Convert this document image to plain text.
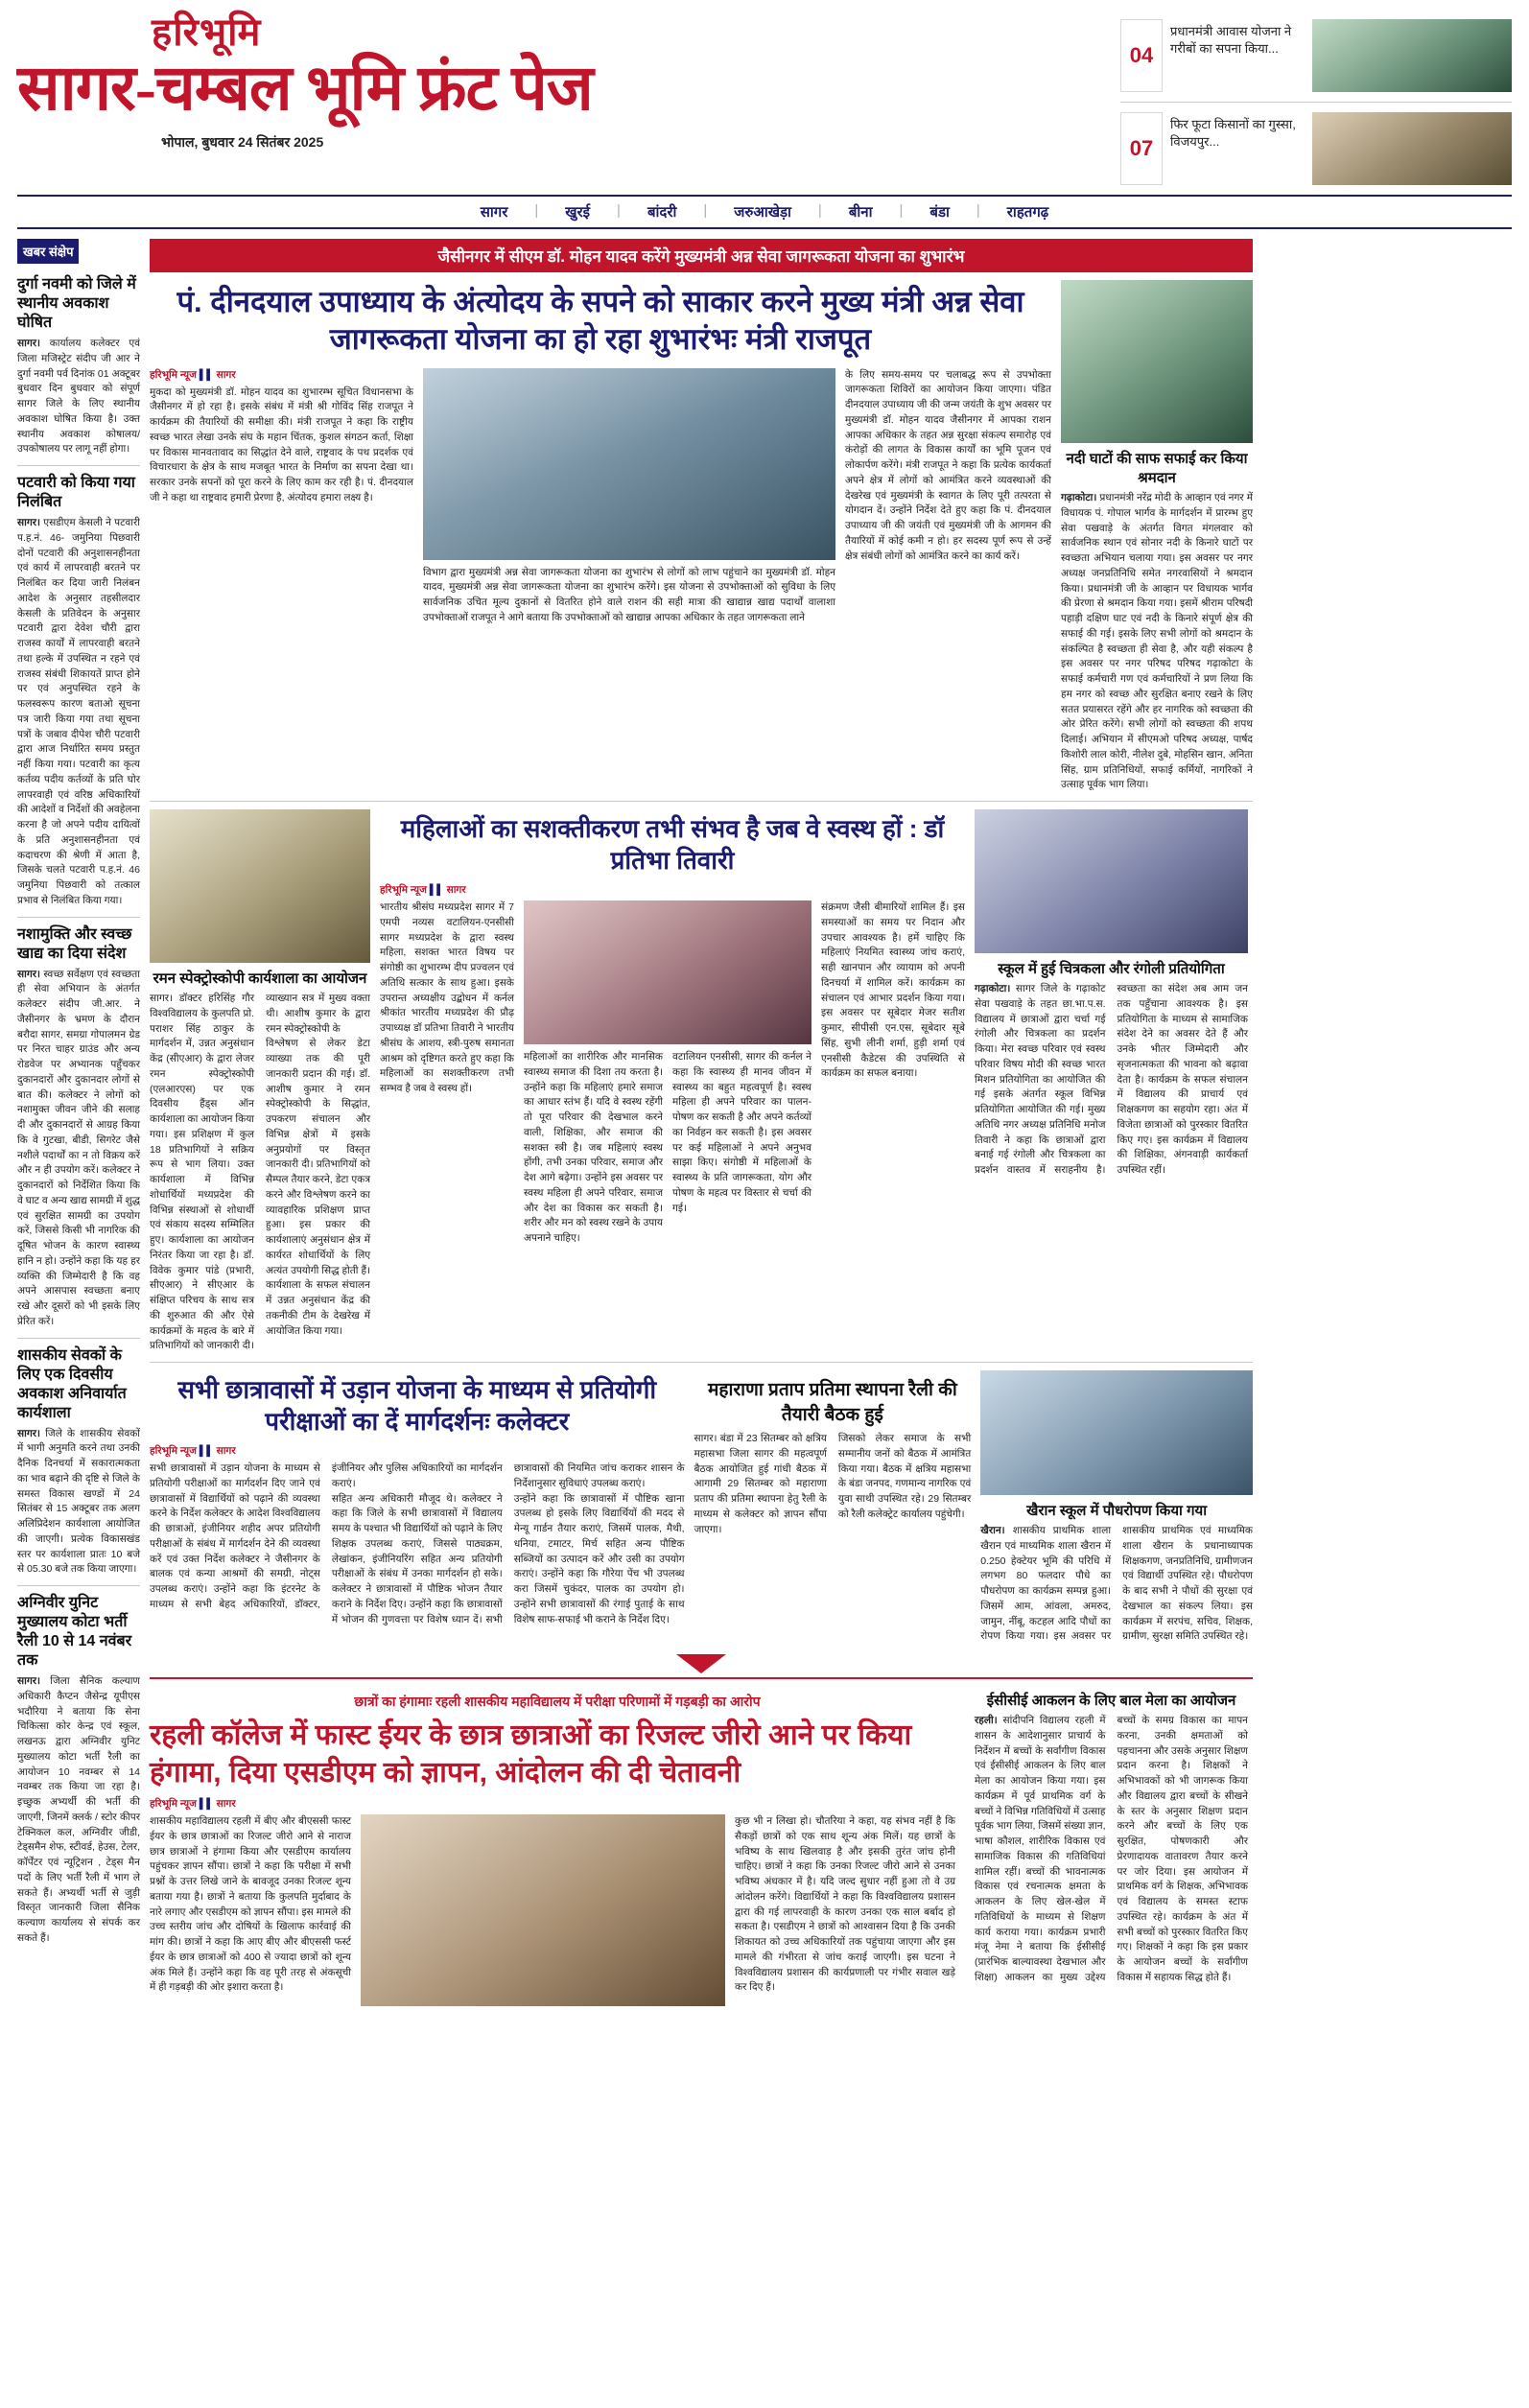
हरिभूमि
सागर-चम्बल भूमि फ्रंट पेज
भोपाल, बुधवार 24 सितंबर 2025
04
प्रधानमंत्री आवास योजना ने गरीबों का सपना किया...
07
फिर फूटा किसानों का गुस्सा, विजयपुर...
सागर | खुरई | बांदरी | जरुआखेड़ा | बीना | बंडा | राहतगढ़
खबर संक्षेप
दुर्गा नवमी को जिले में स्थानीय अवकाश घोषित
सागर। कार्यालय कलेक्टर एवं जिला मजिस्ट्रेट संदीप जी आर ने दुर्गा नवमी पर्व दिनांक 01 अक्टूबर बुधवार दिन बुधवार को संपूर्ण सागर जिले के लिए स्थानीय अवकाश घोषित किया है। उक्त स्थानीय अवकाश कोषालय/उपकोषालय पर लागू नहीं होगा।
पटवारी को किया गया निलंबित
सागर। एसडीएम केसली ने पटवारी प.ह.नं. 46- जमुनिया पिछवारी दोनों पटवारी की अनुशासनहीनता एवं कार्य में लापरवाही बरतने पर निलंबित कर दिया जारी निलंबन आदेश के अनुसार तहसीलदार केसली के प्रतिवेदन के अनुसार पटवारी द्वारा देवेश चौरी द्वारा राजस्व कार्यों में लापरवाही बरतने तथा हल्के में उपस्थित न रहने एवं राजस्व संबंधी शिकायतें प्राप्त होने पर एवं अनुपस्थित रहने के फलस्वरूप कारण बताओ सूचना पत्र जारी किया गया तथा सूचना पत्रों के जबाव दीपेश चौरी पटवारी द्वारा आज निर्धारित समय प्रस्तुत नहीं किया गया। पटवारी का कृत्य कर्तव्य पदीय कर्तव्यों के प्रति घोर लापरवाही एवं वरिष्ठ अधिकारियों की आदेशों व निर्देशों की अवहेलना करना है जो अपने पदीय दायित्वों के प्रति अनुशासनहीनता एवं कदाचरण की श्रेणी में आता है, जिसके चलते पटवारी प.ह.नं. 46 जमुनिया पिछवारी को तत्काल प्रभाव से निलंबित किया गया।
नशामुक्ति और स्वच्छ खाद्य का दिया संदेश
सागर। स्वच्छ सर्वेक्षण एवं स्वच्छता ही सेवा अभियान के अंतर्गत कलेक्टर संदीप जी.आर. ने जैसीनगर के भ्रमण के दौरान बरौदा सागर, समग्रा गोपालमन ग्रेड पर निरत चाहर ग्राउंड और अन्य रोडवेज पर अभ्यानक पहुँचकर दुकानदारों और दुकानदार लोगों से बात की। कलेक्टर ने लोगों को नशामुक्त जीवन जीने की सलाह दी और दुकानदारों से आग्रह किया कि वे गुटखा, बीडी, सिगरेट जैसे नशीले पदार्थों का न तो विक्रय करें और न ही उपयोग करें। कलेक्टर ने दुकानदारों को निर्देशित किया कि वे घाट व अन्य खाद्य सामग्री में शुद्ध एवं सुरक्षित सामग्री का उपयोग करें, जिससे किसी भी नागरिक की दूषित भोजन के कारण स्वास्थ्य हानि न हो। उन्होंने कहा कि यह हर व्यक्ति की जिम्मेदारी है कि वह अपने आसपास स्वच्छता बनाए रखे और दूसरों को भी इसके लिए प्रेरित करें।
शासकीय सेवकों के लिए एक दिवसीय अवकाश अनिवार्यात कार्यशाला
सागर। जिले के शासकीय सेवकों में भागी अनुमति करने तथा उनकी दैनिक दिनचर्या में सकारात्मकता का भाव बढ़ाने की दृष्टि से जिले के समस्त विकास खण्डों में 24 सितंबर से 15 अक्टूबर तक अलग अलिप्रिदेशन कार्यशाला आयोजित की जाएगी। प्रत्येक विकासखंड स्तर पर कार्यशाला प्रातः 10 बजे से 05.30 बजे तक किया जाएगा।
अग्निवीर युनिट मुख्यालय कोटा भर्ती रैली 10 से 14 नवंबर तक
सागर। जिला सैनिक कल्याण अधिकारी कैप्टन जैसेन्द्र यूपीएस भदौरिया ने बताया कि सेना चिकित्सा कोर केन्द्र एवं स्कूल, लखनऊ द्वारा अग्निवीर युनिट मुख्यालय कोटा भर्ती रैली का आयोजन 10 नवम्बर से 14 नवम्बर तक किया जा रहा है। इच्छुक अभ्यर्थी की भर्ती की जाएगी, जिनमें क्लर्क / स्टोर कीपर टेक्निकल कल, अग्निवीर जीडी, टेड्समैन शेफ, स्टीवर्ड, हेउस, टेलर, कॉर्पेंटर एवं न्यूट्रिशन , टेड्स मैन पदों के लिए भर्ती रैली में भाग ले सकते हैं। अभ्यर्थी भर्ती से जुड़ी विस्तृत जानकारी जिला सैनिक कल्याण कार्यालय से संपर्क कर सकते हैं।
जैसीनगर में सीएम डॉ. मोहन यादव करेंगे मुख्यमंत्री अन्न सेवा जागरूकता योजना का शुभारंभ
पं. दीनदयाल उपाध्याय के अंत्योदय के सपने को साकार करने मुख्य मंत्री अन्न सेवा जागरूकता योजना का हो रहा शुभारंभः मंत्री राजपूत
हरिभूमि न्यूज ▌▌ सागर
मुकदा को मुख्यमंत्री डॉ. मोहन यादव का शुभारम्भ सूचित विधानसभा के जैसीनगर में हो रहा है। इसके संबंध में मंत्री श्री गोविंद सिंह राजपूत ने कार्यक्रम की तैयारियों की समीक्षा की। मंत्री राजपूत ने कहा कि राष्ट्रीय स्वच्छ भारत लेखा उनके संघ के महान चिंतक, कुशल संगठन कर्ता, शिक्षा पर विकास मानवतावाद का सिद्धांत देने वाले, राष्ट्रवाद के पथ प्रदर्शक एवं विचारधारा के क्षेत्र के साथ मजबूत भारत के निर्माण का सपना देखा था। सरकार उनके सपनों को पूरा करने के लिए काम कर रही है। पं. दीनदयाल जी ने कहा था राष्ट्रवाद हमारी प्रेरणा है, अंत्योदय हमारा लक्ष्य है।
विभाग द्वारा मुख्यमंत्री अन्न सेवा जागरूकता योजना का शुभारंभ से लोगों को लाभ पहुंचाने का मुख्यमंत्री डॉ. मोहन यादव, मुख्यमंत्री अन्न सेवा जागरूकता योजना का शुभारंभ करेंगे। इस योजना से उपभोक्ताओं को सुविधा के लिए सार्वजनिक उचित मूल्य दुकानों से वितरित होने वाले राशन की सही मात्रा की खाद्यान्न खाद्य पदार्थों वालाशा उपभोक्ताओं राजपूत ने आगे बताया कि उपभोक्ताओं को खाद्यान्न आपका अधिकार के तहत जागरूकता लाने
के लिए समय-समय पर चलाबद्ध रूप से उपभोक्ता जागरूकता शिविरों का आयोजन किया जाएगा। पंडित दीनदयाल उपाध्याय जी की जन्म जयंती के शुभ अवसर पर मुख्यमंत्री डॉ. मोहन यादव जैसीनगर में आपका राशन आपका अधिकार के तहत अन्न सुरक्षा संकल्प समारोह एवं कंरोड़ों की लागत के विकास कार्यों का भूमि पूजन एवं लोकार्पण करेंगे। मंत्री राजपूत ने कहा कि प्रत्येक कार्यकर्ता अपने क्षेत्र में लोगों को आमंत्रित करने व्यवस्थाओं की देखरेख एवं मुख्यमंत्री के स्वागत के लिए पूरी तत्परता से योगदान दें। उन्होंने निर्देश देते हुए कहा कि पं. दीनदयाल उपाध्याय जी की जयंती एवं मुख्यमंत्री जी के आगमन की तैयारियों में कोई कमी न हो। हर सदस्य पूर्ण रूप से उन्हें क्षेत्र संबंधी लोगों को आमंत्रित करने का कार्य करें।
नदी घाटों की साफ सफाई कर किया श्रमदान
गढ़ाकोटा। प्रधानमंत्री नरेंद्र मोदी के आव्हान एवं नगर में विधायक पं. गोपाल भार्गव के मार्गदर्शन में प्रारम्भ हुए सेवा पखवाड़े के अंतर्गत विगत मंगलवार को सार्वजनिक स्थान एवं सोनार नदी के किनारे घाटों पर स्वच्छता अभियान चलाया गया। इस अवसर पर नगर अध्यक्ष जनप्रतिनिधि समेत नगरवासियों ने श्रमदान किया। प्रधानमंत्री जी के आव्हान पर विधायक भार्गव की प्रेरणा से श्रमदान किया गया। इसमें श्रीराम परिषदी पहाड़ी दक्षिण घाट एवं नदी के किनारे संपूर्ण क्षेत्र की सफाई की गई। इसके लिए सभी लोगों को श्रमदान के संकल्पित है स्वच्छता ही सेवा है, और यही संकल्प है इस अवसर पर नगर परिषद परिषद गढ़ाकोटा के सफाई कर्मचारी गण एवं कर्मचारियों ने प्रण लिया कि हम नगर को स्वच्छ और सुरक्षित बनाए रखने के लिए सतत प्रयासरत रहेंगे और हर नागरिक को स्वच्छता की ओर प्रेरित करेंगे। सभी लोगों को स्वच्छता की शपथ दिलाई। अभियान में सीएमओ परिषद अध्यक्ष, पार्षद किशोरी लाल कोरी, नीलेश दुबे, मोहसिन खान, अनिता सिंह, ग्राम प्रतिनिधियों, सफाई कर्मियों, नागरिकों ने उत्साह पूर्वक भाग लिया।
रमन स्पेक्ट्रोस्कोपी कार्यशाला का आयोजन
सागर। डॉक्टर हरिसिंह गौर विश्वविद्यालय के कुलपति प्रो. पराशर सिंह ठाकुर के मार्गदर्शन में, उन्नत अनुसंधान केंद्र (सीएआर) के द्वारा लेजर रमन स्पेक्ट्रोस्कोपी (एलआरएस) पर एक दिवसीय हैंड्स ऑन कार्यशाला का आयोजन किया गया। इस प्रशिक्षण में कुल 18 प्रतिभागियों ने सक्रिय रूप से भाग लिया। उक्त कार्यशाला में विभिन्न शोधार्थियों मध्यप्रदेश की विभिन्न संस्थाओं से शोधार्थी एवं संकाय सदस्य सम्मिलित हुए। कार्यशाला का आयोजन निरंतर किया जा रहा है। डॉ. विवेक कुमार पांडे (प्रभारी, सीएआर) ने सीएआर के संक्षिप्त परिचय के साथ सत्र की शुरुआत की और ऐसे कार्यक्रमों के महत्व के बारे में प्रतिभागियों को जानकारी दी। व्याख्यान सत्र में मुख्य वक्ता थी। आशीष कुमार के द्वारा रमन स्पेक्ट्रोस्कोपी के
विश्लेषण से लेकर डेटा व्याख्या तक की पूरी जानकारी प्रदान की गई। डॉ. आशीष कुमार ने रमन स्पेक्ट्रोस्कोपी के सिद्धांत, उपकरण संचालन और विभिन्न क्षेत्रों में इसके अनुप्रयोगों पर विस्तृत जानकारी दी। प्रतिभागियों को सैम्पल तैयार करने, डेटा एकत्र करने और विश्लेषण करने का व्यावहारिक प्रशिक्षण प्राप्त हुआ। इस प्रकार की कार्यशालाएं अनुसंधान क्षेत्र में कार्यरत शोधार्थियों के लिए अत्यंत उपयोगी सिद्ध होती हैं। कार्यशाला के सफल संचालन में उन्नत अनुसंधान केंद्र की तकनीकी टीम के देखरेख में आयोजित किया गया।
महिलाओं का सशक्तीकरण तभी संभव है जब वे स्वस्थ हों : डॉ प्रतिभा तिवारी
हरिभूमि न्यूज ▌▌ सागर
भारतीय श्रीसंघ मध्यप्रदेश सागर में 7 एमपी नव्यस वटालियन-एनसीसी सागर मध्यप्रदेश के द्वारा स्वस्थ महिला, सशक्त भारत विषय पर संगोष्ठी का शुभारम्भ दीप प्रज्वलन एवं अतिथि सत्कार के साथ हुआ। इसके उपरान्त अध्यक्षीय उद्बोधन में कर्नल श्रीकांत भारतीय मध्यप्रदेश की प्रौढ़ उपाध्यक्ष डॉ प्रतिभा तिवारी ने भारतीय श्रीसंघ के आशय, स्त्री-पुरुष समानता आश्रम को दृष्टिगत करते हुए कहा कि महिलाओं का सशक्तीकरण तभी सम्भव है जब वे स्वस्थ हों।
महिलाओं का शारीरिक और मानसिक स्वास्थ्य समाज की दिशा तय करता है। उन्होंने कहा कि महिलाएं हमारे समाज का आधार स्तंभ हैं। यदि वे स्वस्थ रहेंगी तो पूरा परिवार की देखभाल करने वाली, शिक्षिका, और समाज की सशक्त स्त्री है। जब महिलाएं स्वस्थ होंगी, तभी उनका परिवार, समाज और देश आगे बढ़ेगा। उन्होंने इस अवसर पर स्वस्थ महिला ही अपने परिवार, समाज और देश का विकास कर सकती है। शरीर और मन को स्वस्थ रखने के उपाय अपनाने चाहिए।
वटालियन एनसीसी, सागर की कर्नल ने कहा कि स्वास्थ्य ही मानव जीवन में स्वास्थ्य का बहुत महत्वपूर्ण है। स्वस्थ महिला ही अपने परिवार का पालन-पोषण कर सकती है और अपने कर्तव्यों का निर्वहन कर सकती है। इस अवसर पर कई महिलाओं ने अपने अनुभव साझा किए। संगोष्ठी में महिलाओं के स्वास्थ्य के प्रति जागरूकता, योग और पोषण के महत्व पर विस्तार से चर्चा की गई।
संक्रमण जैसी बीमारियों शामिल हैं। इस समस्याओं का समय पर निदान और उपचार आवश्यक है। हमें चाहिए कि महिलाएं नियमित स्वास्थ्य जांच कराएं, सही खानपान और व्यायाम को अपनी दिनचर्या में शामिल करें। कार्यक्रम का संचालन एवं आभार प्रदर्शन किया गया। इस अवसर पर सूबेदार मेजर सतीश कुमार, सीपीसी एन.एस, सूबेदार सूबे सिंह, सुभी लीनी शर्मा, हुड़ी शर्मा एवं एनसीसी कैडेटस की उपस्थिति से कार्यक्रम का सफल बनाया।
स्कूल में हुई चित्रकला और रंगोली प्रतियोगिता
गढ़ाकोटा। सागर जिले के गढ़ाकोट सेवा पखवाड़े के तहत छा.भा.प.स. विद्यालय में छात्राओं द्वारा चर्चा गई रंगोली और चित्रकला का प्रदर्शन किया। मेरा स्वच्छ परिवार एवं स्वस्थ परिवार विषय मोदी की स्वच्छ भारत मिशन प्रतियोगिता का आयोजित की गई इसके अंतर्गत स्कूल विभिन्न प्रतियोगिता आयोजित की गई। मुख्य अतिथि नगर अध्यक्ष प्रतिनिधि मनोज तिवारी ने कहा कि छात्राओं द्वारा बनाई गई रंगोली और चित्रकला का प्रदर्शन वास्तव में सराहनीय है। स्वच्छता का संदेश अब आम जन तक पहुँचाना आवश्यक है। इस प्रतियोगिता के माध्यम से सामाजिक संदेश देने का अवसर देते हैं और उनके भीतर जिम्मेदारी और सृजनात्मकता की भावना को बढ़ावा देता है। कार्यक्रम के सफल संचालन में विद्यालय की प्राचार्य एवं शिक्षकगण का सहयोग रहा। अंत में विजेता छात्राओं को पुरस्कार वितरित किए गए। इस कार्यक्रम में विद्यालय की शिक्षिका, अंगनवाड़ी कार्यकर्ता उपस्थित रहीं।
सभी छात्रावासों में उड़ान योजना के माध्यम से प्रतियोगी परीक्षाओं का दें मार्गदर्शनः कलेक्टर
हरिभूमि न्यूज ▌▌ सागर
सभी छात्रावासों में उड़ान योजना के माध्यम से प्रतियोगी परीक्षाओं का मार्गदर्शन दिए जाने एवं छात्रावासों में विद्यार्थियों को पढ़ाने की व्यवस्था करने के निर्देश कलेक्टर के आदेश विश्वविद्यालय की छात्राओं, इंजीनियर शहीद अपर प्रतियोगी परीक्षाओं के संबंध में मार्गदर्शन देने की व्यवस्था करें एवं उक्त निर्देश कलेक्टर ने जैसीनगर के बालक एवं कन्या आश्रमों की समग्री, नोट्स उपलब्ध कराएं। उन्होंने कहा कि इंटरनेट के माध्यम से सभी बेहद अधिकारियों, डॉक्टर, इंजीनियर और पुलिस अधिकारियों का मार्गदर्शन कराएं।
सहित अन्य अधिकारी मौजूद थे। कलेक्टर ने कहा कि जिले के सभी छात्रावासों में विद्यालय समय के पश्चात भी विद्यार्थियों को पढ़ाने के लिए शिक्षक उपलब्ध कराएं, जिससे पाठ्यक्रम, लेखांकन, इंजीनियरिंग सहित अन्य प्रतियोगी परीक्षाओं के संबंध में उनका मार्गदर्शन हो सके। कलेक्टर ने छात्रावासों में पौष्टिक भोजन तैयार कराने के निर्देश दिए। उन्होंने कहा कि छात्रावासों में भोजन की गुणवत्ता पर विशेष ध्यान दें। सभी छात्रावासों की नियमित जांच कराकर शासन के निर्देशानुसार सुविधाएं उपलब्ध कराएं।
उन्होंने कहा कि छात्रावासों में पौष्टिक खाना उपलब्ध हो इसके लिए विद्यार्थियों की मदद से मेन्यू गार्डन तैयार कराएं, जिसमें पालक, मैथी, धनिया, टमाटर, मिर्च सहित अन्य पौष्टिक सब्जियों का उत्पादन करें और उसी का उपयोग कराएं। उन्होंने कहा कि गौरेया पेंच भी उपलब्ध करा जिसमें चुकंदर, पालक का उपयोग हो। उन्होंने सभी छात्रावासों की रंगाई पुताई के साथ विशेष साफ-सफाई भी कराने के निर्देश दिए।
महाराणा प्रताप प्रतिमा स्थापना रैली की तैयारी बैठक हुई
सागर। बंडा में 23 सितम्बर को क्षत्रिय महासभा जिला सागर की महत्वपूर्ण बैठक आयोजित हुई गांधी बैठक में आगामी 29 सितम्बर को महाराणा प्रताप की प्रतिमा स्थापना हेतु रैली के माध्यम से कलेक्टर को ज्ञापन सौंपा जाएगा।
जिसको लेकर समाज के सभी सम्मानीय जनों को बैठक में आमंत्रित किया गया। बैठक में क्षत्रिय महासभा के बंडा जनपद, गणमान्य नागरिक एवं युवा साथी उपस्थित रहे। 29 सितम्बर को रैली कलेक्ट्रेट कार्यालय पहुंचेगी।	खैरान स्कूल में पौधरोपण किया गया
खैरान। शासकीय प्राथमिक शाला खैरान एवं माध्यमिक शाला खैरान में 0.250 हेक्टेयर भूमि की परिधि में लगभग 80 फलदार पौधे का पौधरोपण का कार्यक्रम सम्पन्न हुआ। जिसमें आम, आंवला, अमरुद, जामुन, नींबू, कटहल आदि पौधों का रोपण किया गया। इस अवसर पर शासकीय प्राथमिक एवं माध्यमिक शाला खैरान के प्रधानाध्यापक शिक्षकगण, जनप्रतिनिधि, ग्रामीणजन एवं विद्यार्थी उपस्थित रहे। पौधरोपण के बाद सभी ने पौधों की सुरक्षा एवं देखभाल का संकल्प लिया। इस कार्यक्रम में सरपंच, सचिव, शिक्षक, ग्रामीण, सुरक्षा समिति उपस्थित रहे।
छात्रों का हंगामाः रहली शासकीय महाविद्यालय में परीक्षा परिणामों में गड़बड़ी का आरोप
रहली कॉलेज में फास्ट ईयर के छात्र छात्राओं का रिजल्ट जीरो आने पर किया हंगामा, दिया एसडीएम को ज्ञापन, आंदोलन की दी चेतावनी
हरिभूमि न्यूज ▌▌ सागर
शासकीय महाविद्यालय रहली में बीए और बीएससी फास्ट ईयर के छात्र छात्राओं का रिजल्ट जीरो आने से नाराज छात्र छात्राओं ने हंगामा किया और एसडीएम कार्यालय पहुंचकर ज्ञापन सौंपा। छात्रों ने कहा कि परीक्षा में सभी प्रश्नों के उत्तर लिखे जाने के बावजूद उनका रिजल्ट शून्य बताया गया है। छात्रों ने बताया कि कुलपति मुर्दाबाद के नारे लगाए और एसडीएम को ज्ञापन सौंपा। इस मामले की उच्च स्तरीय जांच और दोषियों के खिलाफ कार्रवाई की मांग की। छात्रों ने कहा कि आए बीए और बीएससी फर्स्ट ईयर के छात्र छात्राओं को 400 से ज्यादा छात्रों को शून्य अंक मिले हैं। उन्होंने कहा कि वह पूरी तरह से अंकसूची में ही गड़बड़ी की ओर इशारा करता है।
कुछ भी न लिखा हो। चौतरिया ने कहा, यह संभव नहीं है कि सैकड़ों छात्रों को एक साथ शून्य अंक मिलें। यह छात्रों के भविष्य के साथ खिलवाड़ है और इसकी तुरंत जांच होनी चाहिए। छात्रों ने कहा कि उनका रिजल्ट जीरो आने से उनका भविष्य अंधकार में है। यदि जल्द सुधार नहीं हुआ तो वे उग्र आंदोलन करेंगे। विद्यार्थियों ने कहा कि विश्वविद्यालय प्रशासन द्वारा की गई लापरवाही के कारण उनका एक साल बर्बाद हो सकता है। एसडीएम ने छात्रों को आश्वासन दिया है कि उनकी शिकायत को उच्च अधिकारियों तक पहुंचाया जाएगा और इस मामले की गंभीरता से जांच कराई जाएगी। इस घटना ने विश्वविद्यालय प्रशासन की कार्यप्रणाली पर गंभीर सवाल खड़े कर दिए हैं।
ईसीसीई आकलन के लिए बाल मेला का आयोजन
रहली। सांदीपनि विद्यालय रहली में शासन के आदेशानुसार प्राचार्य के निर्देशन में बच्चों के सर्वांगीण विकास एवं ईसीसीई आकलन के लिए बाल मेला का आयोजन किया गया। इस कार्यक्रम में पूर्व प्राथमिक वर्ग के बच्चों ने विभिन्न गतिविधियों में उत्साह पूर्वक भाग लिया, जिसमें संख्या ज्ञान, भाषा कौशल, शारीरिक विकास एवं सामाजिक विकास की गतिविधियां शामिल रहीं। बच्चों की भावनात्मक विकास एवं रचनात्मक क्षमता के आकलन के लिए खेल-खेल में गतिविधियों के माध्यम से शिक्षण कार्य कराया गया। कार्यक्रम प्रभारी मंजू नेमा ने बताया कि ईसीसीई (प्रारंभिक बाल्यावस्था देखभाल और शिक्षा) आकलन का मुख्य उद्देश्य बच्चों के समग्र विकास का मापन करना, उनकी क्षमताओं को पहचानना और उसके अनुसार शिक्षण प्रदान करना है। शिक्षकों ने अभिभावकों को भी जागरूक किया और विद्यालय द्वारा बच्चों के सीखने के स्तर के अनुसार शिक्षण प्रदान करने और बच्चों के लिए एक सुरक्षित, पोषणकारी और प्रेरणादायक वातावरण तैयार करने पर जोर दिया। इस आयोजन में प्राथमिक वर्ग के शिक्षक, अभिभावक एवं विद्यालय के समस्त स्टाफ उपस्थित रहे। कार्यक्रम के अंत में सभी बच्चों को पुरस्कार वितरित किए गए। शिक्षकों ने कहा कि इस प्रकार के आयोजन बच्चों के सर्वांगीण विकास में सहायक सिद्ध होते हैं।
